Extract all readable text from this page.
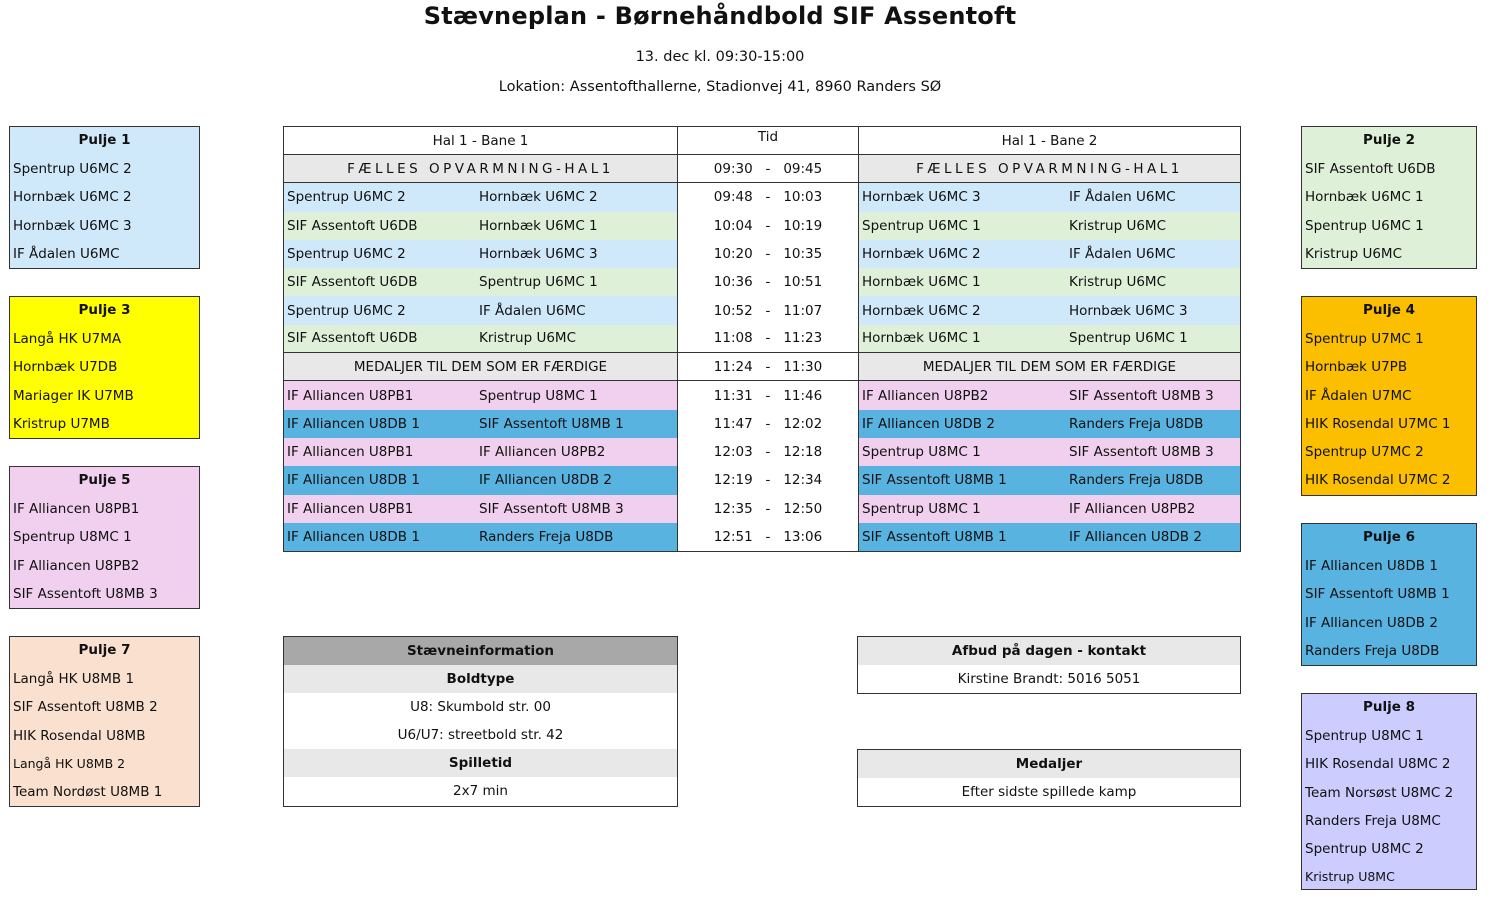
Stævneplan - Børnehåndbold SIF Assentoft
13. dec kl. 09:30-15:00
Lokation: Assentofthallerne, Stadionvej 41, 8960 Randers SØ
Pulje 1
Spentrup U6MC 2
Hornbæk U6MC 2
Hornbæk U6MC 3
IF Ådalen U6MC
Pulje 2
SIF Assentoft U6DB
Hornbæk U6MC 1
Spentrup U6MC 1
Kristrup U6MC
Pulje 3
Langå HK U7MA
Hornbæk U7DB
Mariager IK U7MB
Kristrup U7MB
Pulje 4
Spentrup U7MC 1
Hornbæk U7PB
IF Ådalen U7MC
HIK Rosendal U7MC 1
Spentrup U7MC 2
HIK Rosendal U7MC 2
Pulje 5
IF Alliancen U8PB1
Spentrup U8MC 1
IF Alliancen U8PB2
SIF Assentoft U8MB 3
Pulje 6
IF Alliancen U8DB 1
SIF Assentoft U8MB 1
IF Alliancen U8DB 2
Randers Freja U8DB
Pulje 7
Langå HK U8MB 1
SIF Assentoft U8MB 2
HIK Rosendal U8MB
Langå HK U8MB 2
Team Nordøst U8MB 1
Pulje 8
Spentrup U8MC 1
HIK Rosendal U8MC 2
Team Norsøst U8MC 2
Randers Freja U8MC
Spentrup U8MC 2
Kristrup U8MC
Hal 1 - Bane 1	Tid	Hal 1 - Bane 2
FÆLLES OPVARMNING-HAL1	09:30 - 09:45	FÆLLES OPVARMNING-HAL1
Spentrup U6MC 2	Hornbæk U6MC 2	09:48 - 10:03	Hornbæk U6MC 3	IF Ådalen U6MC
SIF Assentoft U6DB	Hornbæk U6MC 1	10:04 - 10:19	Spentrup U6MC 1	Kristrup U6MC
Spentrup U6MC 2	Hornbæk U6MC 3	10:20 - 10:35	Hornbæk U6MC 2	IF Ådalen U6MC
SIF Assentoft U6DB	Spentrup U6MC 1	10:36 - 10:51	Hornbæk U6MC 1	Kristrup U6MC
Spentrup U6MC 2	IF Ådalen U6MC	10:52 - 11:07	Hornbæk U6MC 2	Hornbæk U6MC 3
SIF Assentoft U6DB	Kristrup U6MC	11:08 - 11:23	Hornbæk U6MC 1	Spentrup U6MC 1
MEDALJER TIL DEM SOM ER FÆRDIGE	11:24 - 11:30	MEDALJER TIL DEM SOM ER FÆRDIGE
IF Alliancen U8PB1	Spentrup U8MC 1	11:31 - 11:46	IF Alliancen U8PB2	SIF Assentoft U8MB 3
IF Alliancen U8DB 1	SIF Assentoft U8MB 1	11:47 - 12:02	IF Alliancen U8DB 2	Randers Freja U8DB
IF Alliancen U8PB1	IF Alliancen U8PB2	12:03 - 12:18	Spentrup U8MC 1	SIF Assentoft U8MB 3
IF Alliancen U8DB 1	IF Alliancen U8DB 2	12:19 - 12:34	SIF Assentoft U8MB 1	Randers Freja U8DB
IF Alliancen U8PB1	SIF Assentoft U8MB 3	12:35 - 12:50	Spentrup U8MC 1	IF Alliancen U8PB2
IF Alliancen U8DB 1	Randers Freja U8DB	12:51 - 13:06	SIF Assentoft U8MB 1	IF Alliancen U8DB 2
Stævneinformation
Boldtype
U8: Skumbold str. 00
U6/U7: streetbold str. 42
Spilletid
2x7 min
Afbud på dagen - kontakt
Kirstine Brandt: 5016 5051
Medaljer
Efter sidste spillede kamp
